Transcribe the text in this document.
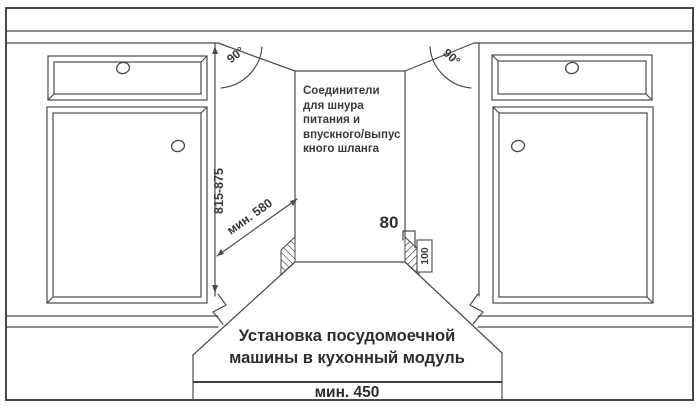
80
100
90°	90°
815-875
мин. 580
Соединители
для шнура
питания и
впускного/выпус
кного шланга
Установка посудомоечной
машины в кухонный модуль
мин. 450
